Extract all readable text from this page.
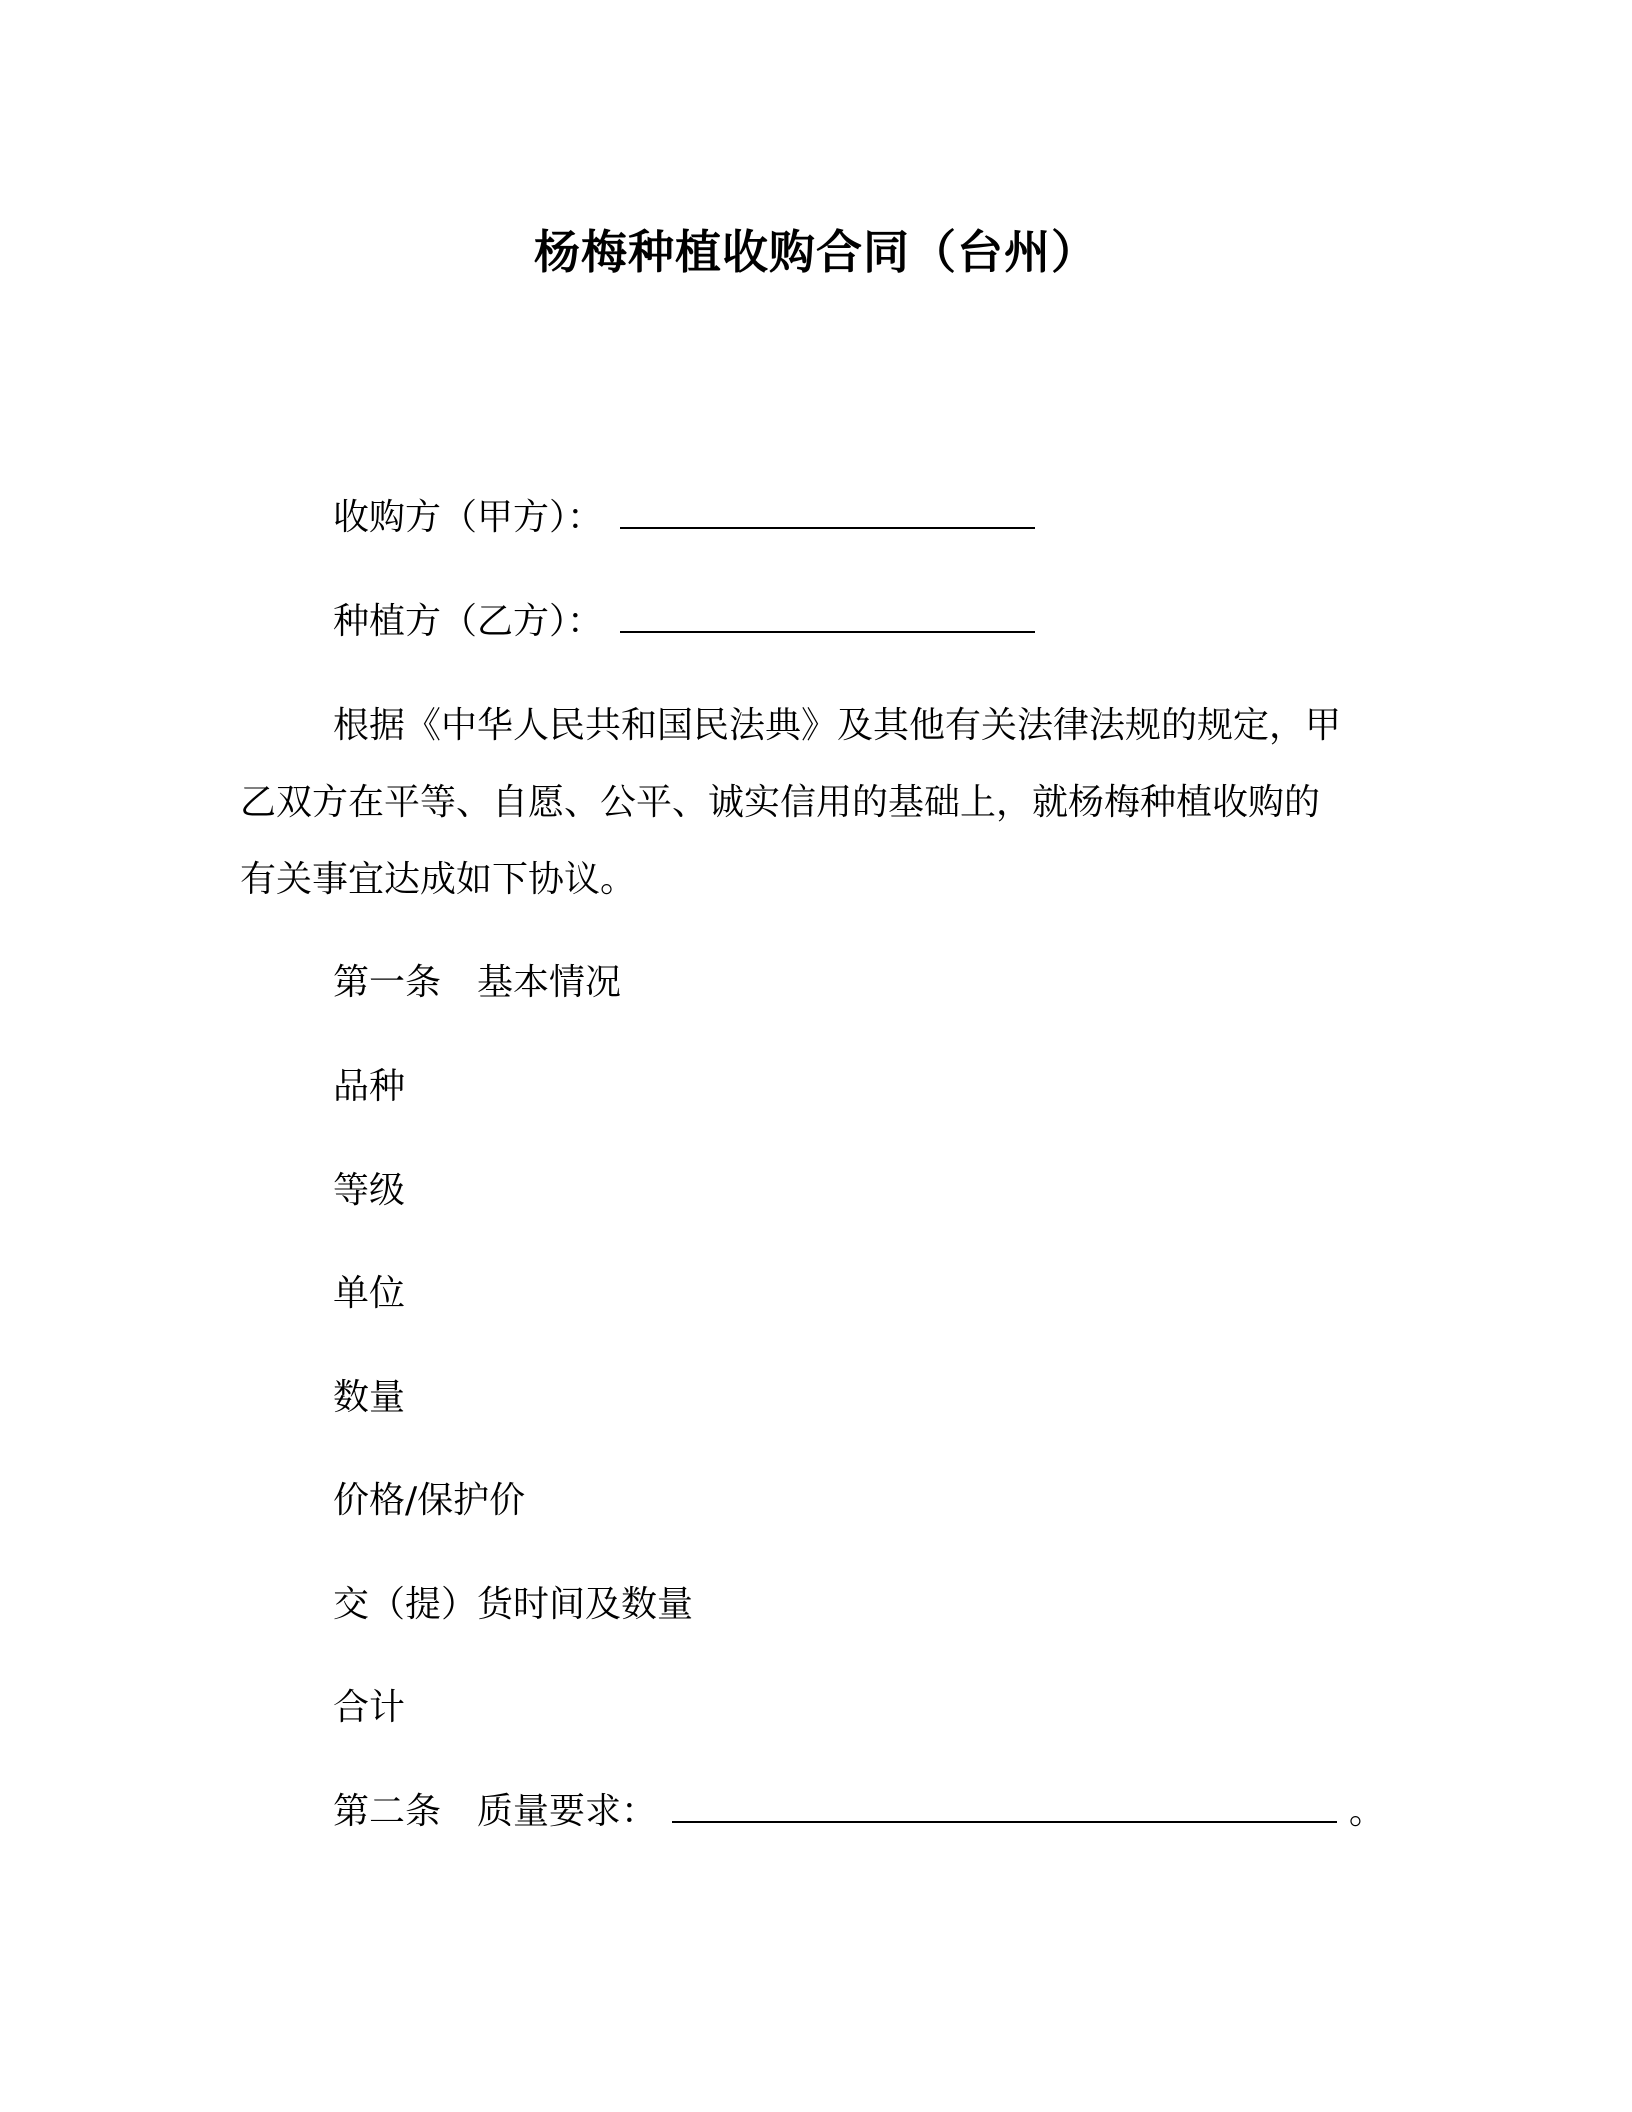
杨梅种植收购合同（台州）
收购方（甲方）：
种植方（乙方）：
根据《中华人民共和国民法典》及其他有关法律法规的规定，甲
乙双方在平等、自愿、公平、诚实信用的基础上，就杨梅种植收购的
有关事宜达成如下协议。
第一条　基本情况
品种
等级
单位
数量
价格/保护价
交（提）货时间及数量
合计
第二条　质量要求：	。
